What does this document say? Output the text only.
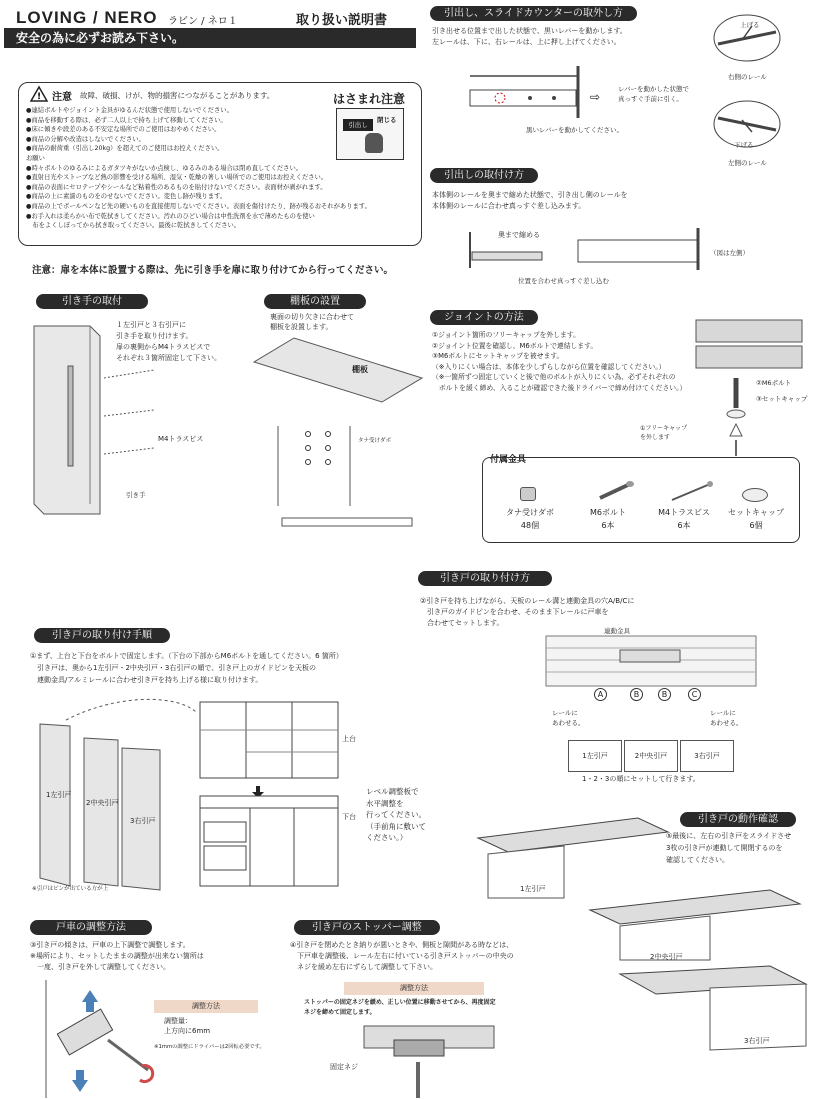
LOVING / NERO ラビン / ネロ１	取り扱い説明書
安全の為に必ずお読み下さい。
! 注意 故障、破損、けが、物的損害につながることがあります。
●連結ボルトやジョイント金具がゆるんだ状態で使用しないでください。
●商品を移動する際は、必ず二人以上で持ち上げて移動してください。
●床に傾きや段差のある不安定な場所でのご使用はおやめください。
●商品の分解や改造はしないでください。
●商品の耐荷重（引出し20kg）を超えてのご使用はお控えください。
お願い
●時々ボルトのゆるみによるガタツキがないか点検し、ゆるみのある場合は閉め直してください。
●直射日光やストーブなど熱の影響を受ける場所、湿気・乾燥の著しい場所でのご使用はお控えください。
●商品の表面にセロテープやシールなど粘着性のあるものを貼付けないでください。表面材が剥がれます。
●商品の上に素濡のものをのせないでください。変色し跡が残ります。
●商品の上でボールペンなど先の硬いものを直接使用しないでください。表面を傷付けたり、跡が残るおそれがあります。
●お手入れは柔らかい布で乾拭きしてください。汚れのひどい場合は中性洗剤を水で薄めたものを使い
　布をよくしぼってから拭き取ってください。最後に乾拭きしてください。
はさまれ注意
引出し
閉じる
注意：扉を本体に設置する際は、先に引き手を扉に取り付けてから行ってください。
引出し、スライドカウンターの取外し方
引き出せる位置まで出した状態で、黒いレバーを動かします。
左レールは、下に、右レールは、上に押し上げてください。
⇨
レバーを動かした状態で
真っすぐ手前に引く。
黒いレバーを動かしてください。
上げる
右側のレール
下げる
左側のレール
引出しの取付け方
本体側のレールを奥まで縮めた状態で、引き出し側のレールを
本体側のレールに合わせ真っすぐ差し込みます。
奥まで縮める
位置を合わせ真っすぐ差し込む
（図は左側）
引き手の取付
１左引戸と３右引戸に
引き手を取り付けます。
扉の裏側からM4トラスビスで
それぞれ３箇所固定して下さい。
M4トラスビス
引き手
棚板の設置
裏面の切り欠きに合わせて
棚板を設置します。
棚板
タナ受けダボ
ジョイントの方法
①ジョイント箇所のフリーキャップを外します。
②ジョイント位置を確認し、M6ボルトで連結します。
③M6ボルトにセットキャップを被せます。
（※入りにくい場合は、本体を少しずらしながら位置を確認してください。）
（※一箇所ずつ固定していくと後で他のボルトが入りにくい為、必ずそれぞれの
　ボルトを緩く締め、入ることが確認できた後ドライバーで締め付けてください。）
②M6ボルト
③セットキャップ
①フリーキャップ
を外します
付属金具
タナ受けダボ
48個
M6ボルト
6本
M4トラスビス
6本
セットキャップ
6個
引き戸の取り付け方
②引き戸を持ち上げながら、天板のレール溝と連動金具の穴A/B/Cに
　引き戸のガイドピンを合わせ、そのまま下レールに戸車を
　合わせてセットします。
連動金具
A	B	B	C
レールに
あわせる。
レールに
あわせる。
1左引戸	2中央引戸	3右引戸
1・2・3の順にセットして行きます。
引き戸の取り付け手順
①まず、上台と下台をボルトで固定します。（下台の下部からM6ボルトを通してください。6 箇所）
　引き戸は、奥から1左引戸・2中央引戸・3右引戸の順で、引き戸上のガイドピンを天板の
　連動金具/アルミレールに合わせ引き戸を持ち上げる様に取り付けます。
1左引戸
2中央引戸
3右引戸
※引戸はピンが出ている方が上
上台
下台
レベル調整板で
水平調整を
行ってください。
（手前角に敷いて
ください。）
引き戸の動作確認
⑤最後に、左右の引き戸をスライドさせ
3枚の引き戸が連動して開閉するのを
確認してください。
1左引戸
2中央引戸
3右引戸
戸車の調整方法
③引き戸の傾きは、戸車の上下調整で調整します。
※場所により、セットしたままの調整が出来ない箇所は
　一度、引き戸を外して調整してください。
調整方法
調整量：
上方向に6mm
※1mmの調整にドライバーは2回転必要です。
引き戸のストッパー調整
④引き戸を閉めたとき納りが悪いときや、側板と隙間がある時などは、
　下戸車を調整後、レール左右に付いている引き戸ストッパーの中央の
　ネジを緩め左右にずらして調整して下さい。
調整方法
ストッパーの固定ネジを緩め、正しい位置に移動させてから、再度固定
ネジを締めて固定します。
固定ネジ
